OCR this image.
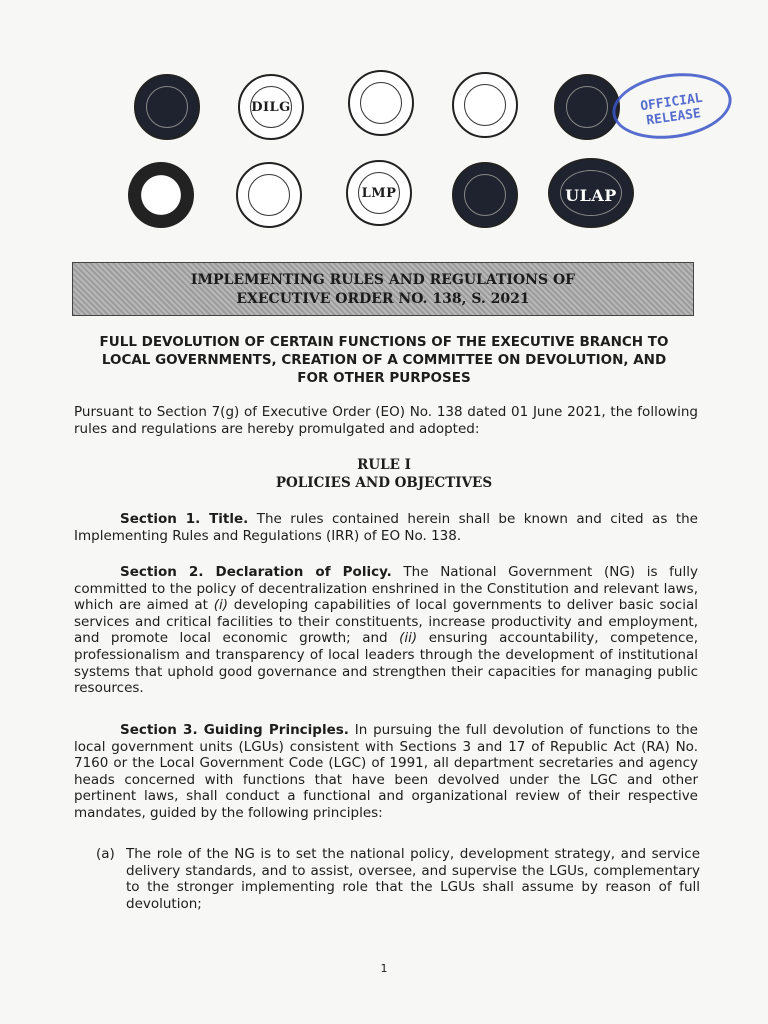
DILG	OFFICIAL RELEASE
LMP	ULAP
IMPLEMENTING RULES AND REGULATIONS OF
EXECUTIVE ORDER NO. 138, S. 2021
FULL DEVOLUTION OF CERTAIN FUNCTIONS OF THE EXECUTIVE BRANCH TO
LOCAL GOVERNMENTS, CREATION OF A COMMITTEE ON DEVOLUTION, AND
FOR OTHER PURPOSES

Pursuant to Section 7(g) of Executive Order (EO) No. 138 dated 01 June 2021, the following rules and regulations are hereby promulgated and adopted:

RULE I
POLICIES AND OBJECTIVES

Section 1. Title. The rules contained herein shall be known and cited as the Implementing Rules and Regulations (IRR) of EO No. 138.

Section 2. Declaration of Policy. The National Government (NG) is fully committed to the policy of decentralization enshrined in the Constitution and relevant laws, which are aimed at (i) developing capabilities of local governments to deliver basic social services and critical facilities to their constituents, increase productivity and employment, and promote local economic growth; and (ii) ensuring accountability, competence, professionalism and transparency of local leaders through the development of institutional systems that uphold good governance and strengthen their capacities for managing public resources.

Section 3. Guiding Principles. In pursuing the full devolution of functions to the local government units (LGUs) consistent with Sections 3 and 17 of Republic Act (RA) No. 7160 or the Local Government Code (LGC) of 1991, all department secretaries and agency heads concerned with functions that have been devolved under the LGC and other pertinent laws, shall conduct a functional and organizational review of their respective mandates, guided by the following principles:

(a) The role of the NG is to set the national policy, development strategy, and service delivery standards, and to assist, oversee, and supervise the LGUs, complementary to the stronger implementing role that the LGUs shall assume by reason of full devolution;
1
